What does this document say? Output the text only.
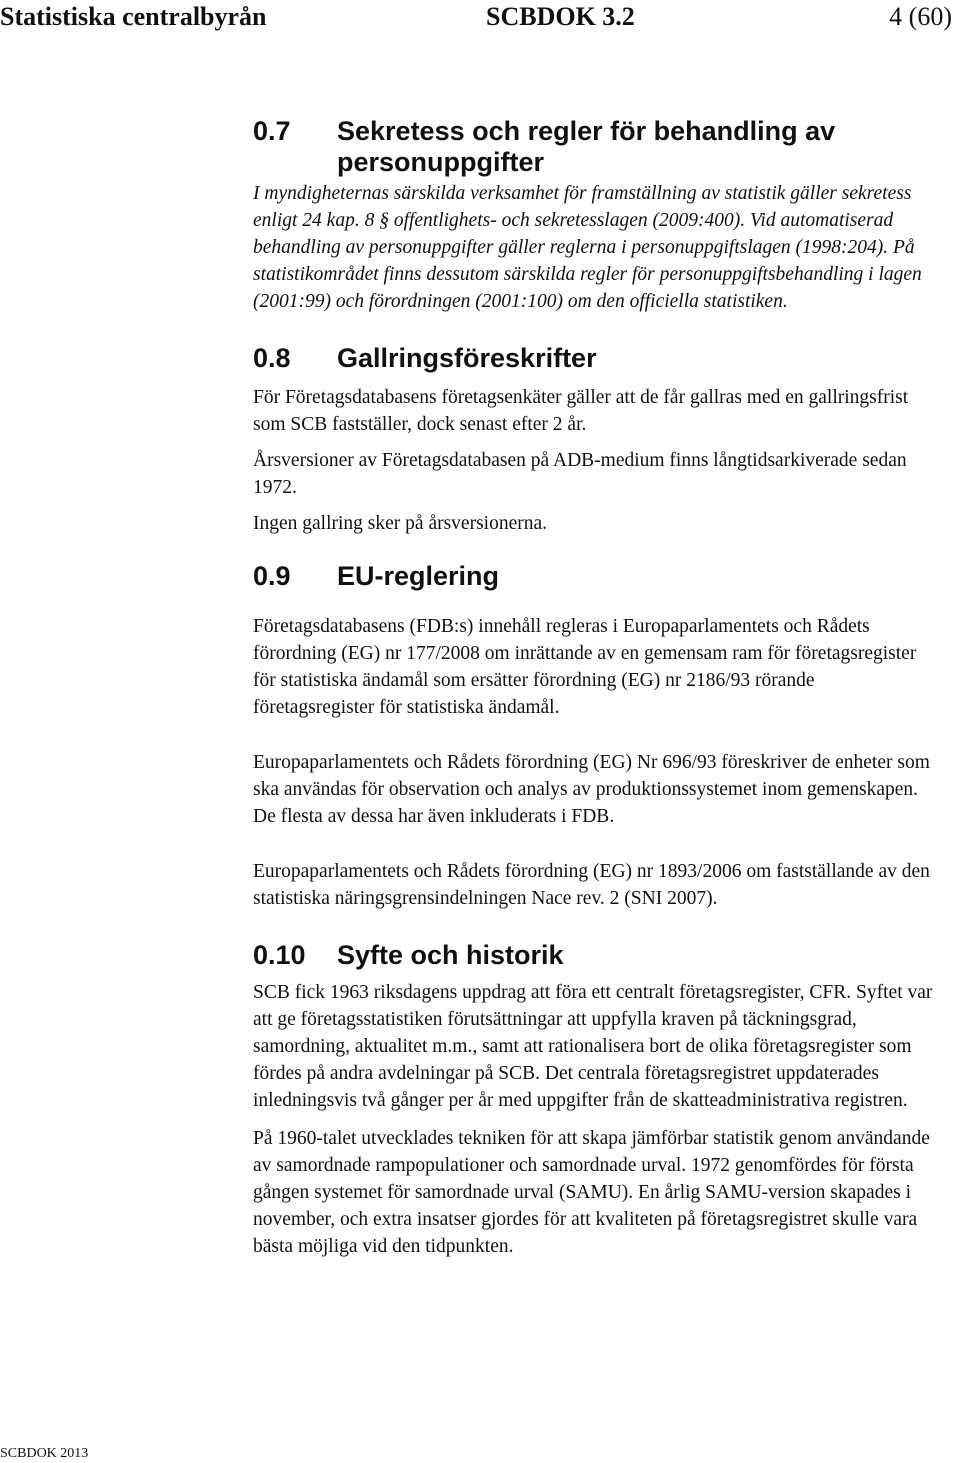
Statistiska centralbyrån	SCBDOK 3.2	4 (60)
0.7 Sekretess och regler för behandling av personuppgifter

I myndigheternas särskilda verksamhet för framställning av statistik gäller sekretess enligt 24 kap. 8 § offentlighets- och sekretesslagen (2009:400). Vid automatiserad behandling av personuppgifter gäller reglerna i personuppgiftslagen (1998:204). På statistikområdet finns dessutom särskilda regler för personuppgiftsbehandling i lagen (2001:99) och förordningen (2001:100) om den officiella statistiken.

0.8 Gallringsföreskrifter

För Företagsdatabasens företagsenkäter gäller att de får gallras med en gallringsfrist som SCB fastställer, dock senast efter 2 år.

Årsversioner av Företagsdatabasen på ADB-medium finns långtidsarkiverade sedan 1972.

Ingen gallring sker på årsversionerna.

0.9 EU-reglering

Företagsdatabasens (FDB:s) innehåll regleras i Europaparlamentets och Rådets förordning (EG) nr 177/2008 om inrättande av en gemensam ram för företagsregister för statistiska ändamål som ersätter förordning (EG) nr 2186/93 rörande företagsregister för statistiska ändamål.

Europaparlamentets och Rådets förordning (EG) Nr 696/93 föreskriver de enheter som ska användas för observation och analys av produktionssystemet inom gemenskapen. De flesta av dessa har även inkluderats i FDB.

Europaparlamentets och Rådets förordning (EG) nr 1893/2006 om fastställande av den statistiska näringsgrensindelningen Nace rev. 2 (SNI 2007).

0.10 Syfte och historik

SCB fick 1963 riksdagens uppdrag att föra ett centralt företagsregister, CFR. Syftet var att ge företagsstatistiken förutsättningar att uppfylla kraven på täckningsgrad, samordning, aktualitet m.m., samt att rationalisera bort de olika företagsregister som fördes på andra avdelningar på SCB. Det centrala företagsregistret uppdaterades inledningsvis två gånger per år med uppgifter från de skatteadministrativa registren.

På 1960-talet utvecklades tekniken för att skapa jämförbar statistik genom användande av samordnade rampopulationer och samordnade urval. 1972 genomfördes för första gången systemet för samordnade urval (SAMU). En årlig SAMU-version skapades i november, och extra insatser gjordes för att kvaliteten på företagsregistret skulle vara bästa möjliga vid den tidpunkten.

SCBDOK 2013
